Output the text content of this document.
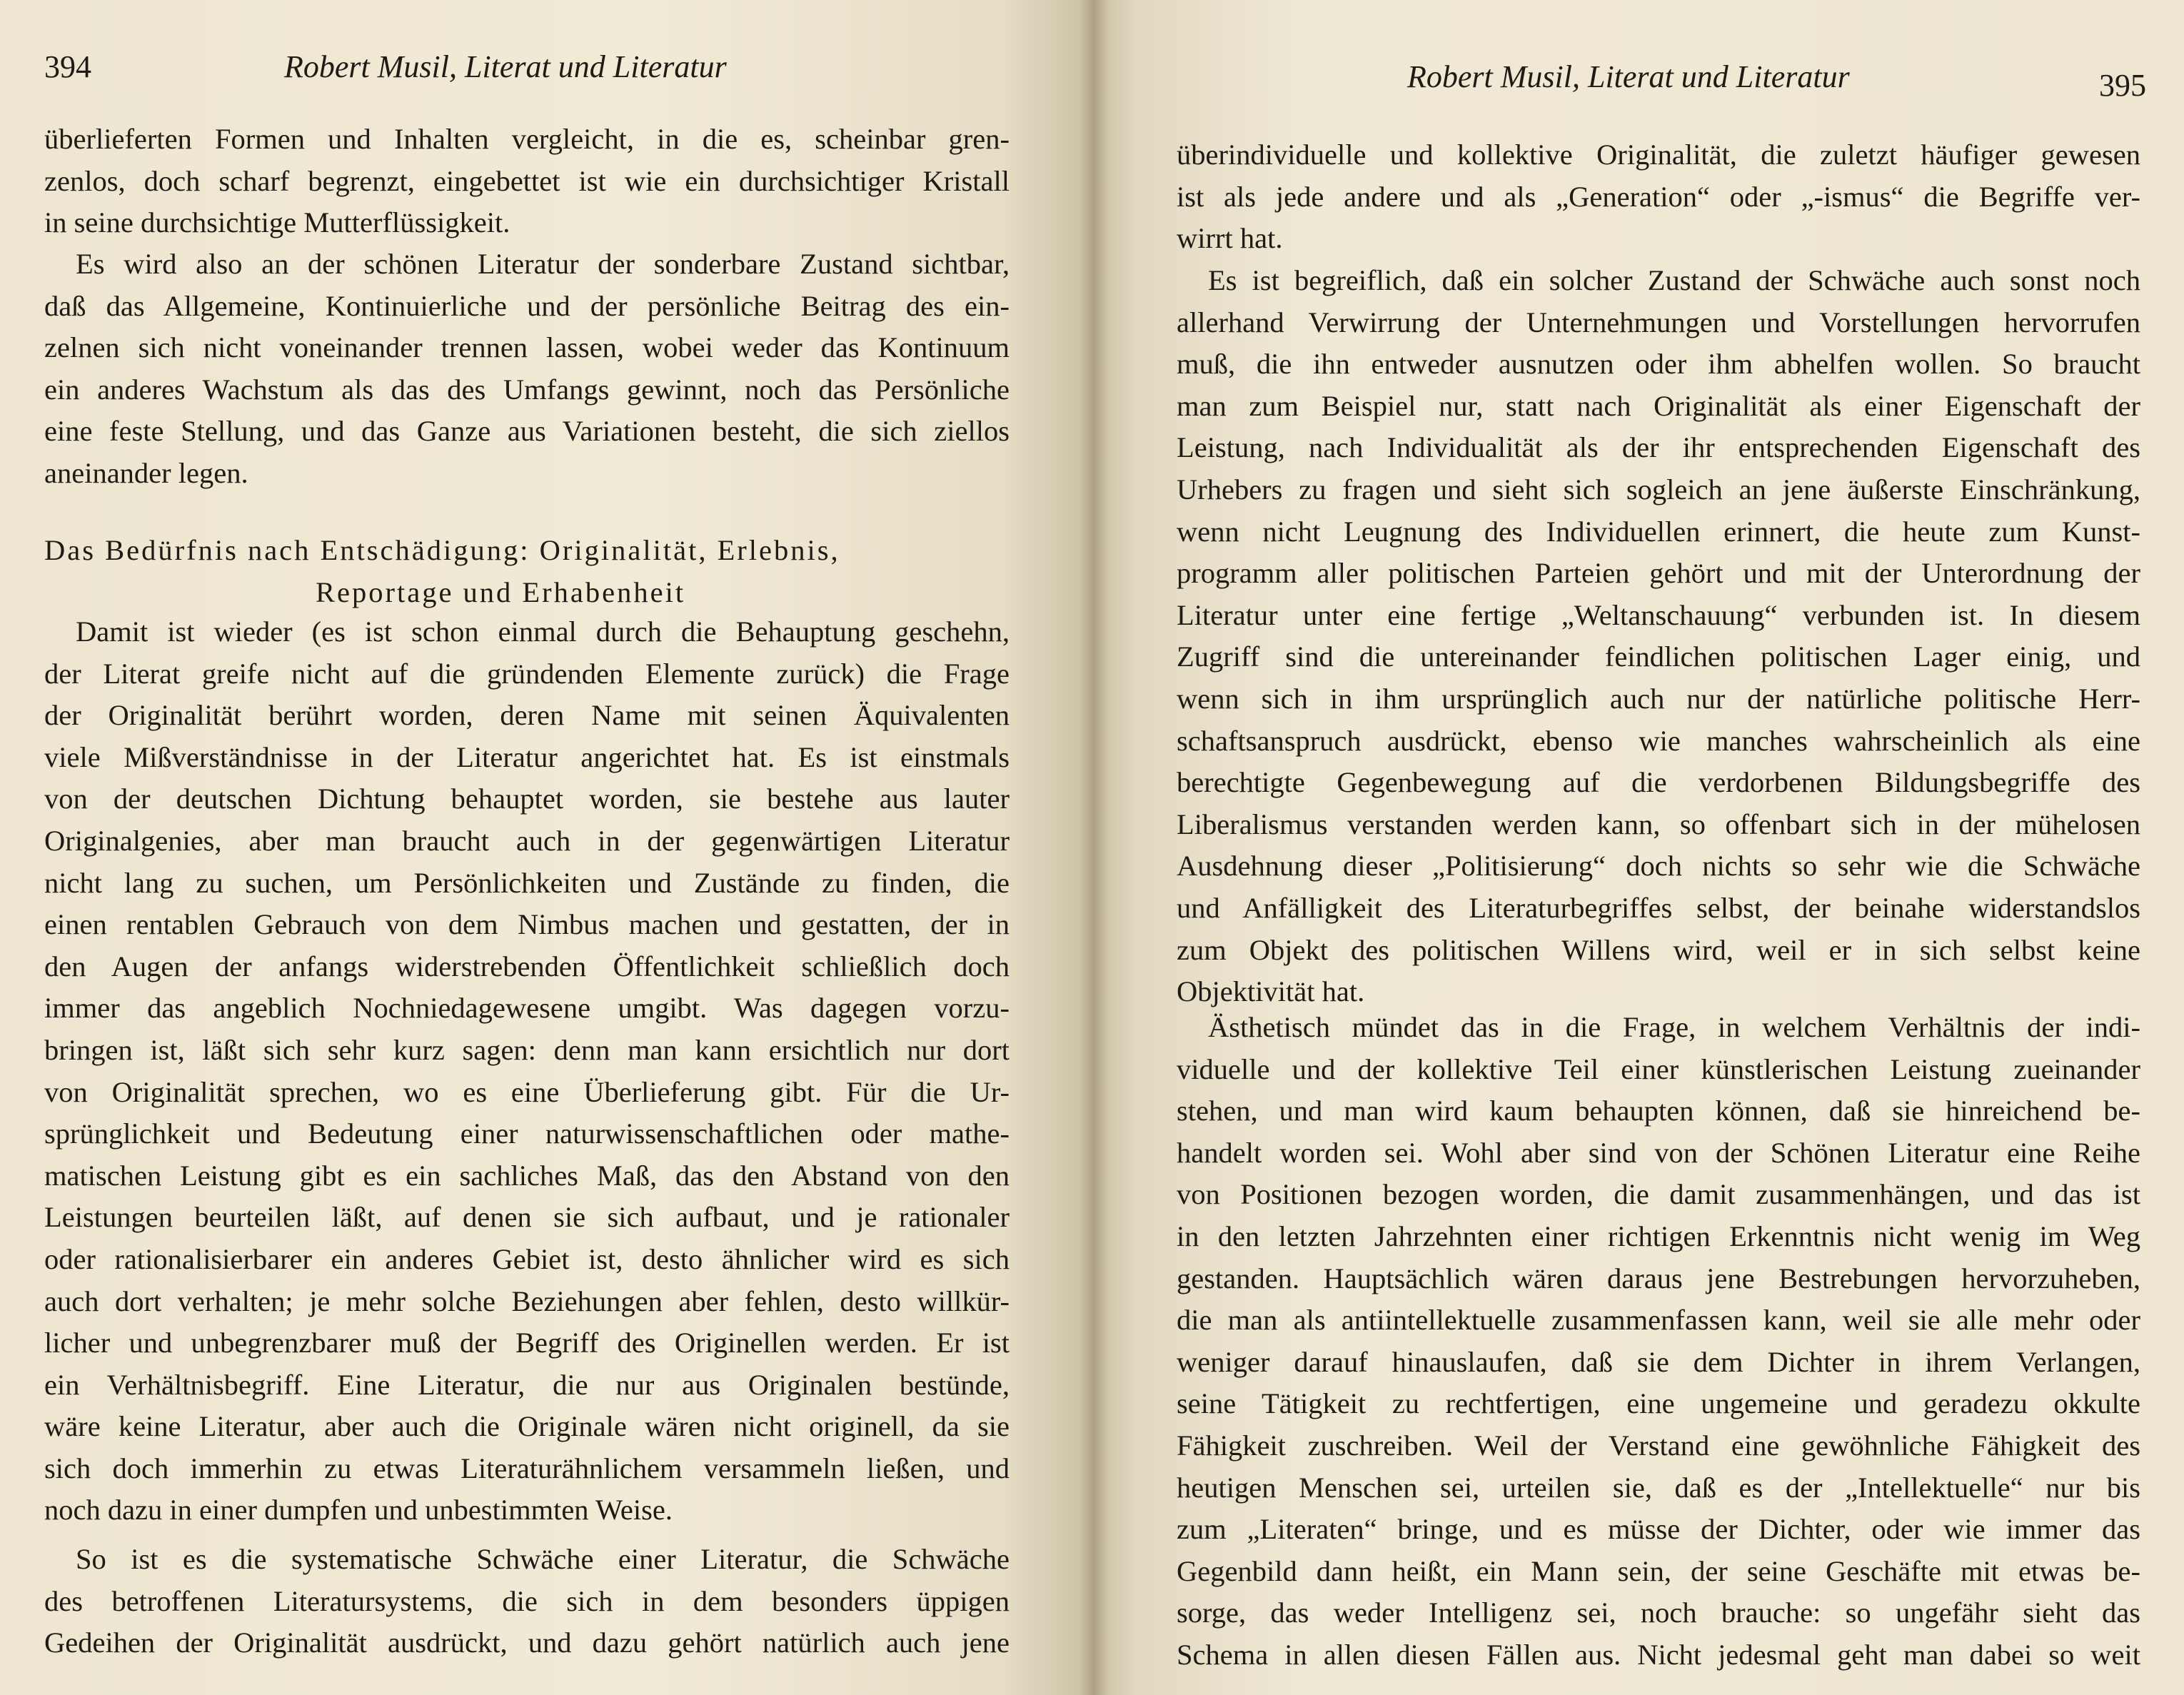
394	Robert Musil, Literat und Literatur
überlieferten Formen und Inhalten vergleicht, in die es, scheinbar gren-
zenlos, doch scharf begrenzt, eingebettet ist wie ein durchsichtiger Kristall
in seine durchsichtige Mutterflüssigkeit.
Es wird also an der schönen Literatur der sonderbare Zustand sichtbar,
daß das Allgemeine, Kontinuierliche und der persönliche Beitrag des ein-
zelnen sich nicht voneinander trennen lassen, wobei weder das Kontinuum
ein anderes Wachstum als das des Umfangs gewinnt, noch das Persönliche
eine feste Stellung, und das Ganze aus Variationen besteht, die sich ziellos
aneinander legen.
Das Bedürfnis nach Entschädigung: Originalität, Erlebnis,
Reportage und Erhabenheit
Damit ist wieder (es ist schon einmal durch die Behauptung geschehn,
der Literat greife nicht auf die gründenden Elemente zurück) die Frage
der Originalität berührt worden, deren Name mit seinen Äquivalenten
viele Mißverständnisse in der Literatur angerichtet hat. Es ist einstmals
von der deutschen Dichtung behauptet worden, sie bestehe aus lauter
Originalgenies, aber man braucht auch in der gegenwärtigen Literatur
nicht lang zu suchen, um Persönlichkeiten und Zustände zu finden, die
einen rentablen Gebrauch von dem Nimbus machen und gestatten, der in
den Augen der anfangs widerstrebenden Öffentlichkeit schließlich doch
immer das angeblich Nochniedagewesene umgibt. Was dagegen vorzu-
bringen ist, läßt sich sehr kurz sagen: denn man kann ersichtlich nur dort
von Originalität sprechen, wo es eine Überlieferung gibt. Für die Ur-
sprünglichkeit und Bedeutung einer naturwissenschaftlichen oder mathe-
matischen Leistung gibt es ein sachliches Maß, das den Abstand von den
Leistungen beurteilen läßt, auf denen sie sich aufbaut, und je rationaler
oder rationalisierbarer ein anderes Gebiet ist, desto ähnlicher wird es sich
auch dort verhalten; je mehr solche Beziehungen aber fehlen, desto willkür-
licher und unbegrenzbarer muß der Begriff des Originellen werden. Er ist
ein Verhältnisbegriff. Eine Literatur, die nur aus Originalen bestünde,
wäre keine Literatur, aber auch die Originale wären nicht originell, da sie
sich doch immerhin zu etwas Literaturähnlichem versammeln ließen, und
noch dazu in einer dumpfen und unbestimmten Weise.
So ist es die systematische Schwäche einer Literatur, die Schwäche
des betroffenen Literatursystems, die sich in dem besonders üppigen
Gedeihen der Originalität ausdrückt, und dazu gehört natürlich auch jene
Robert Musil, Literat und Literatur	395
überindividuelle und kollektive Originalität, die zuletzt häufiger gewesen
ist als jede andere und als „Generation“ oder „-ismus“ die Begriffe ver-
wirrt hat.
Es ist begreiflich, daß ein solcher Zustand der Schwäche auch sonst noch
allerhand Verwirrung der Unternehmungen und Vorstellungen hervorrufen
muß, die ihn entweder ausnutzen oder ihm abhelfen wollen. So braucht
man zum Beispiel nur, statt nach Originalität als einer Eigenschaft der
Leistung, nach Individualität als der ihr entsprechenden Eigenschaft des
Urhebers zu fragen und sieht sich sogleich an jene äußerste Einschränkung,
wenn nicht Leugnung des Individuellen erinnert, die heute zum Kunst-
programm aller politischen Parteien gehört und mit der Unterordnung der
Literatur unter eine fertige „Weltanschauung“ verbunden ist. In diesem
Zugriff sind die untereinander feindlichen politischen Lager einig, und
wenn sich in ihm ursprünglich auch nur der natürliche politische Herr-
schaftsanspruch ausdrückt, ebenso wie manches wahrscheinlich als eine
berechtigte Gegenbewegung auf die verdorbenen Bildungsbegriffe des
Liberalismus verstanden werden kann, so offenbart sich in der mühelosen
Ausdehnung dieser „Politisierung“ doch nichts so sehr wie die Schwäche
und Anfälligkeit des Literaturbegriffes selbst, der beinahe widerstandslos
zum Objekt des politischen Willens wird, weil er in sich selbst keine
Objektivität hat.
Ästhetisch mündet das in die Frage, in welchem Verhältnis der indi-
viduelle und der kollektive Teil einer künstlerischen Leistung zueinander
stehen, und man wird kaum behaupten können, daß sie hinreichend be-
handelt worden sei. Wohl aber sind von der Schönen Literatur eine Reihe
von Positionen bezogen worden, die damit zusammenhängen, und das ist
in den letzten Jahrzehnten einer richtigen Erkenntnis nicht wenig im Weg
gestanden. Hauptsächlich wären daraus jene Bestrebungen hervorzuheben,
die man als antiintellektuelle zusammenfassen kann, weil sie alle mehr oder
weniger darauf hinauslaufen, daß sie dem Dichter in ihrem Verlangen,
seine Tätigkeit zu rechtfertigen, eine ungemeine und geradezu okkulte
Fähigkeit zuschreiben. Weil der Verstand eine gewöhnliche Fähigkeit des
heutigen Menschen sei, urteilen sie, daß es der „Intellektuelle“ nur bis
zum „Literaten“ bringe, und es müsse der Dichter, oder wie immer das
Gegenbild dann heißt, ein Mann sein, der seine Geschäfte mit etwas be-
sorge, das weder Intelligenz sei, noch brauche: so ungefähr sieht das
Schema in allen diesen Fällen aus. Nicht jedesmal geht man dabei so weit
